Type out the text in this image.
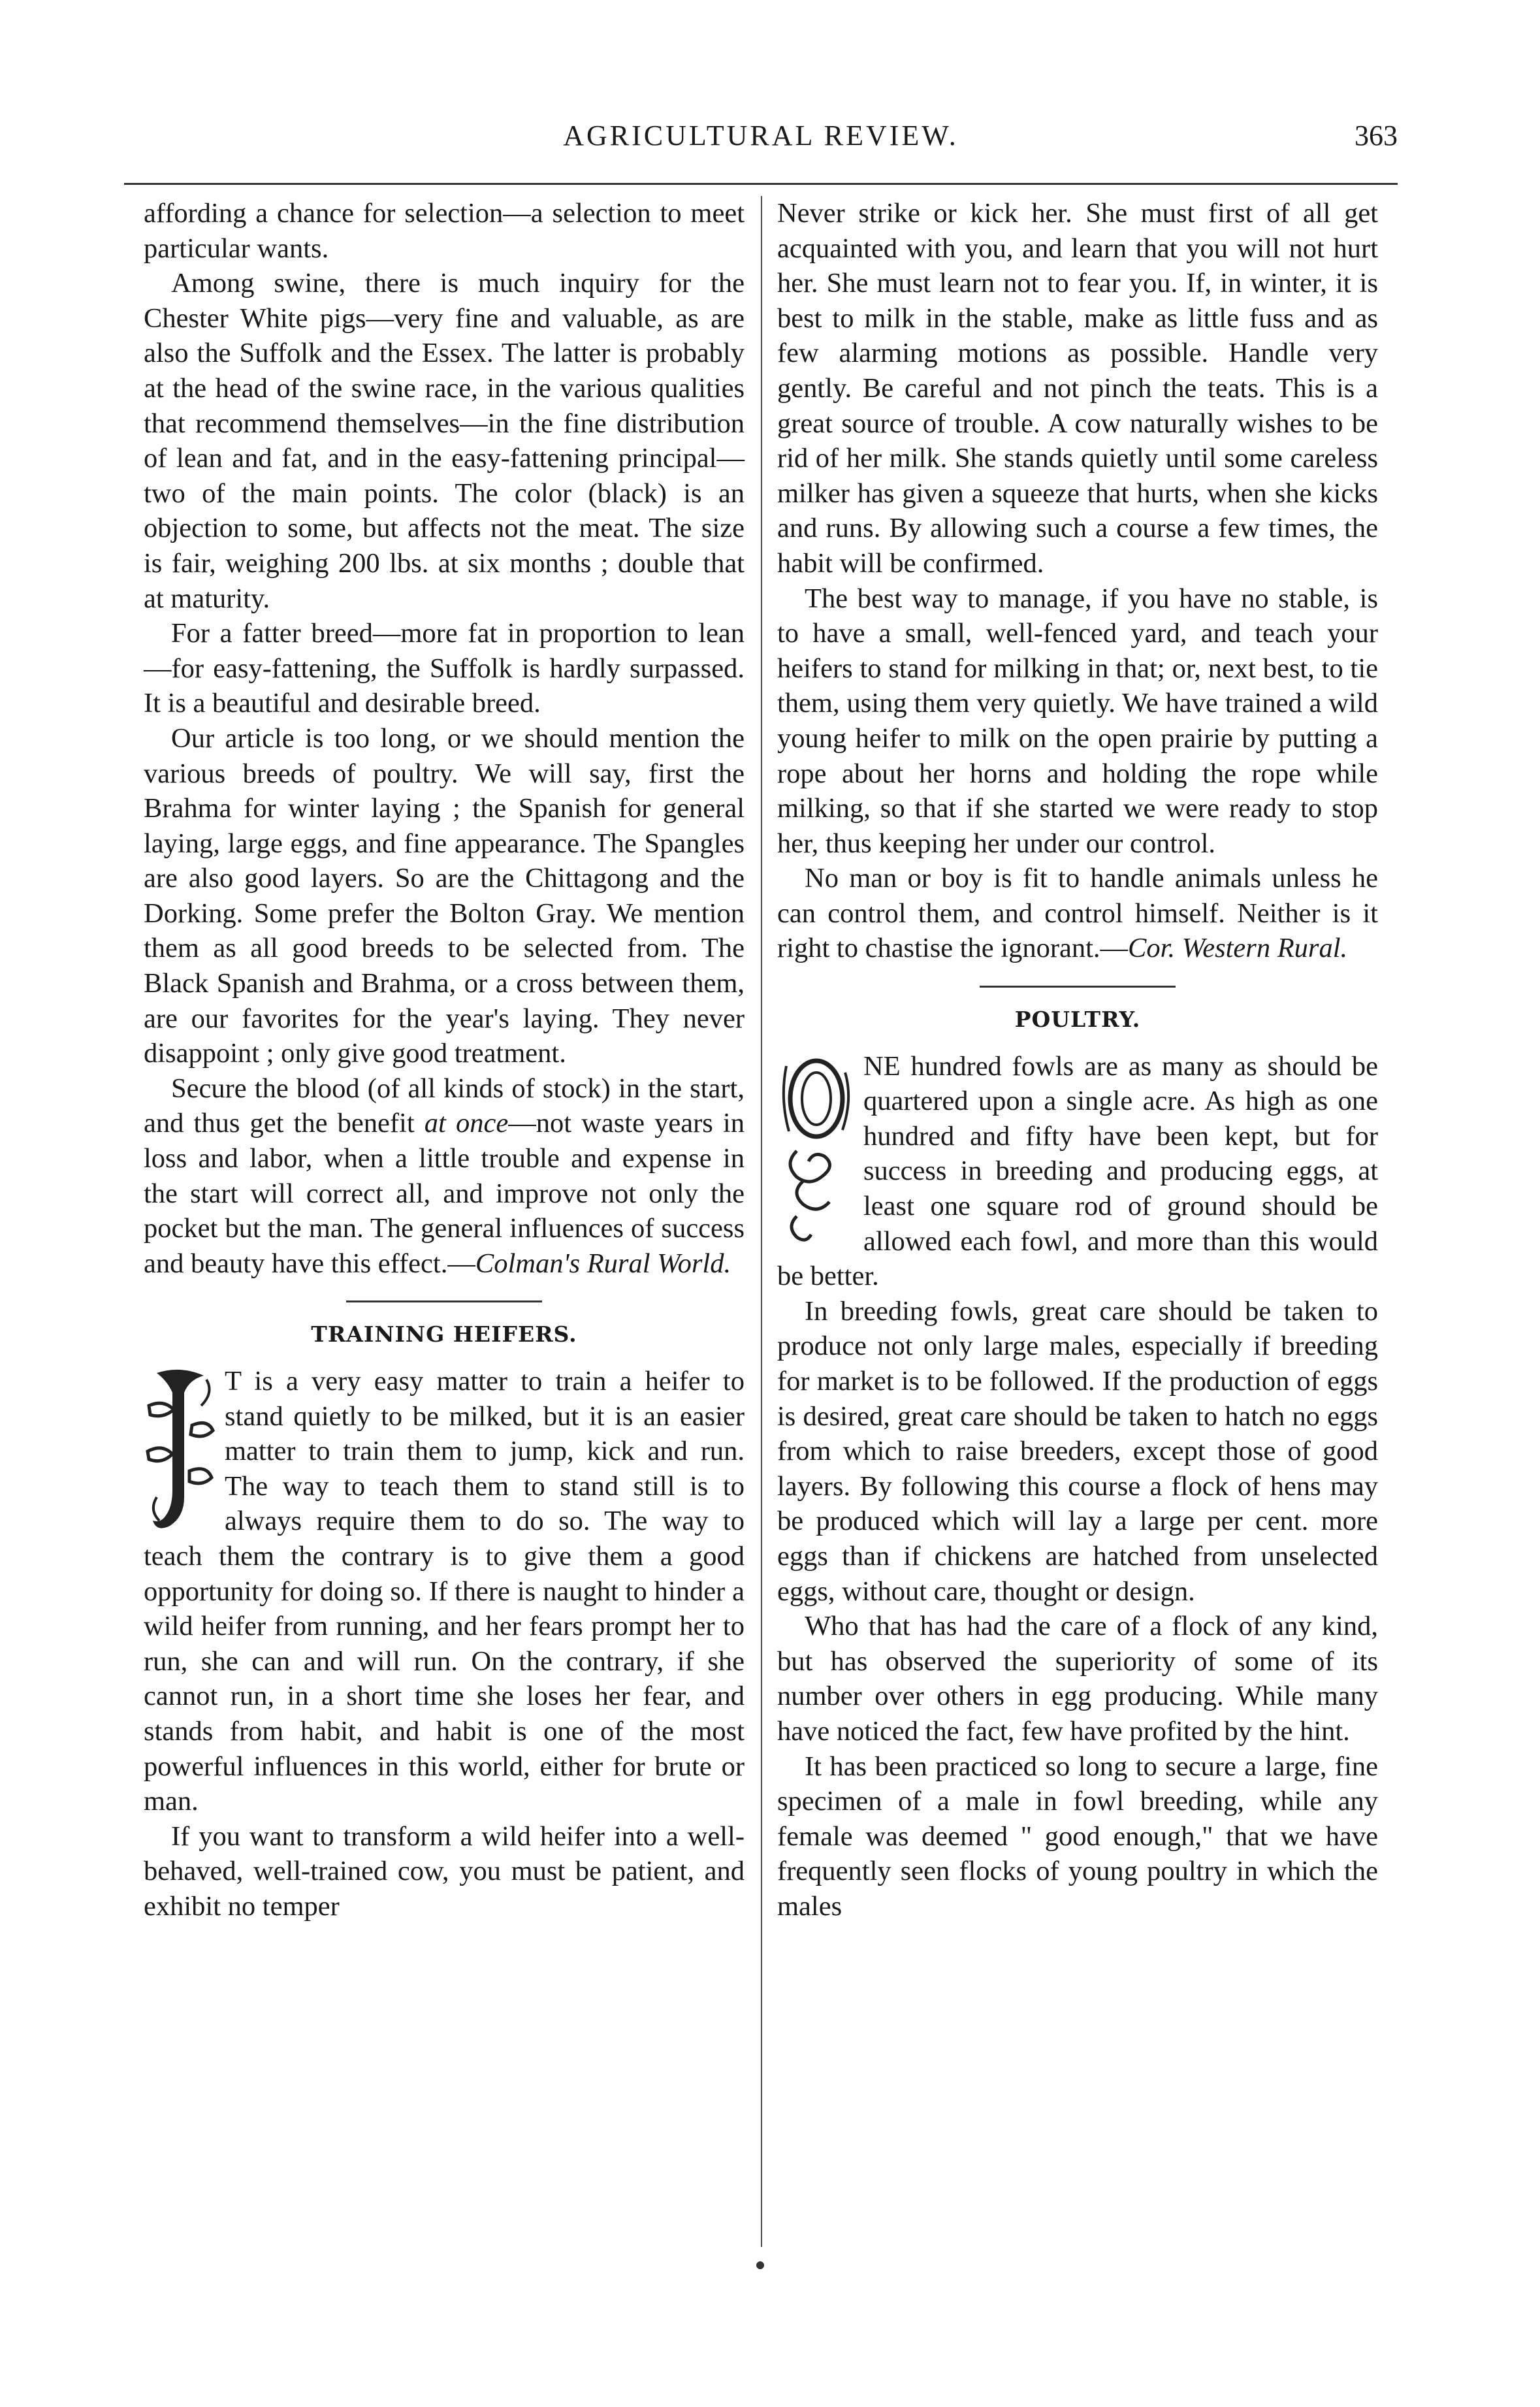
AGRICULTURAL REVIEW.	363

affording a chance for selection—a selection to meet particular wants.

Among swine, there is much inquiry for the Chester White pigs—very fine and valuable, as are also the Suffolk and the Essex. The latter is probably at the head of the swine race, in the various qualities that recommend themselves—in the fine distribution of lean and fat, and in the easy-fattening principal—two of the main points. The color (black) is an objection to some, but affects not the meat. The size is fair, weighing 200 lbs. at six months ; double that at maturity.

For a fatter breed—more fat in proportion to lean—for easy-fattening, the Suffolk is hardly surpassed. It is a beautiful and desirable breed.

Our article is too long, or we should mention the various breeds of poultry. We will say, first the Brahma for winter laying ; the Spanish for general laying, large eggs, and fine appearance. The Spangles are also good layers. So are the Chittagong and the Dorking. Some prefer the Bolton Gray. We mention them as all good breeds to be selected from. The Black Spanish and Brahma, or a cross between them, are our favorites for the year's laying. They never disappoint ; only give good treatment.

Secure the blood (of all kinds of stock) in the start, and thus get the benefit at once—not waste years in loss and labor, when a little trouble and expense in the start will correct all, and improve not only the pocket but the man. The general influences of success and beauty have this effect.—Colman's Rural World.

TRAINING HEIFERS.

T is a very easy matter to train a heifer to stand quietly to be milked, but it is an easier matter to train them to jump, kick and run. The way to teach them to stand still is to always require them to do so. The way to teach them the contrary is to give them a good opportunity for doing so. If there is naught to hinder a wild heifer from running, and her fears prompt her to run, she can and will run. On the contrary, if she cannot run, in a short time she loses her fear, and stands from habit, and habit is one of the most powerful influences in this world, either for brute or man.

If you want to transform a wild heifer into a well-behaved, well-trained cow, you must be patient, and exhibit no temper

Never strike or kick her. She must first of all get acquainted with you, and learn that you will not hurt her. She must learn not to fear you. If, in winter, it is best to milk in the stable, make as little fuss and as few alarming motions as possible. Handle very gently. Be careful and not pinch the teats. This is a great source of trouble. A cow naturally wishes to be rid of her milk. She stands quietly until some careless milker has given a squeeze that hurts, when she kicks and runs. By allowing such a course a few times, the habit will be confirmed.

The best way to manage, if you have no stable, is to have a small, well-fenced yard, and teach your heifers to stand for milking in that; or, next best, to tie them, using them very quietly. We have trained a wild young heifer to milk on the open prairie by putting a rope about her horns and holding the rope while milking, so that if she started we were ready to stop her, thus keeping her under our control.

No man or boy is fit to handle animals unless he can control them, and control himself. Neither is it right to chastise the ignorant.—Cor. Western Rural.

POULTRY.

NE hundred fowls are as many as should be quartered upon a single acre. As high as one hundred and fifty have been kept, but for success in breeding and producing eggs, at least one square rod of ground should be allowed each fowl, and more than this would be better.

In breeding fowls, great care should be taken to produce not only large males, especially if breeding for market is to be followed. If the production of eggs is desired, great care should be taken to hatch no eggs from which to raise breeders, except those of good layers. By following this course a flock of hens may be produced which will lay a large per cent. more eggs than if chickens are hatched from unselected eggs, without care, thought or design.

Who that has had the care of a flock of any kind, but has observed the superiority of some of its number over others in egg producing. While many have noticed the fact, few have profited by the hint.

It has been practiced so long to secure a large, fine specimen of a male in fowl breeding, while any female was deemed " good enough," that we have frequently seen flocks of young poultry in which the males
